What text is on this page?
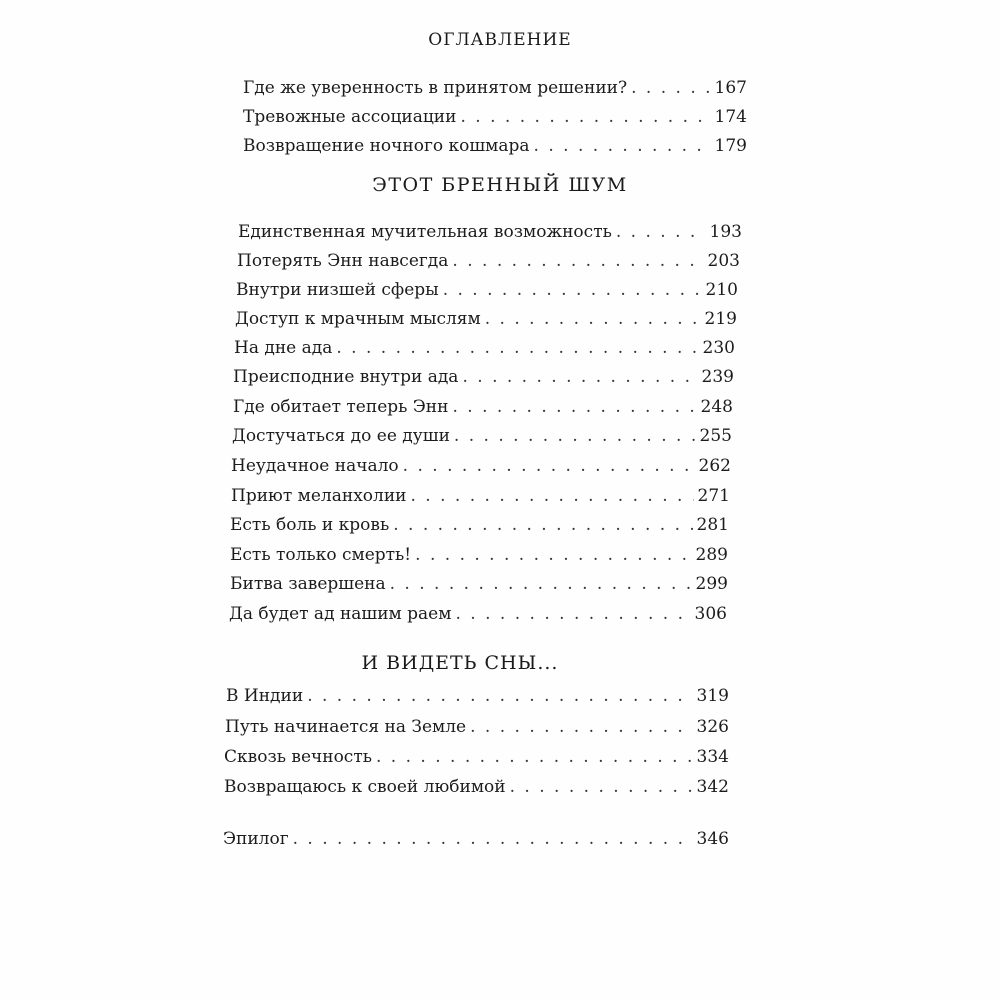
ОГЛАВЛЕНИЕ
Где же уверенность в принятом решении? . . .	167
Тревожные ассоциации . . .	174
Возвращение ночного кошмара . . .	179
ЭТОТ БРЕННЫЙ ШУМ
Единственная мучительная возможность . . .	193
Потерять Энн навсегда . . .	203
Внутри низшей сферы . . .	210
Доступ к мрачным мыслям . . .	219
На дне ада . . .	230
Преисподние внутри ада . . .	239
Где обитает теперь Энн . . .	248
Достучаться до ее души . . .	255
Неудачное начало . . .	262
Приют меланхолии . . .	271
Есть боль и кровь . . .	281
Есть только смерть! . . .	289
Битва завершена . . .	299
Да будет ад нашим раем . . .	306
И ВИДЕТЬ СНЫ...
В Индии . . .	319
Путь начинается на Земле . . .	326
Сквозь вечность . . .	334
Возвращаюсь к своей любимой . . .	342
Эпилог . . .	346
